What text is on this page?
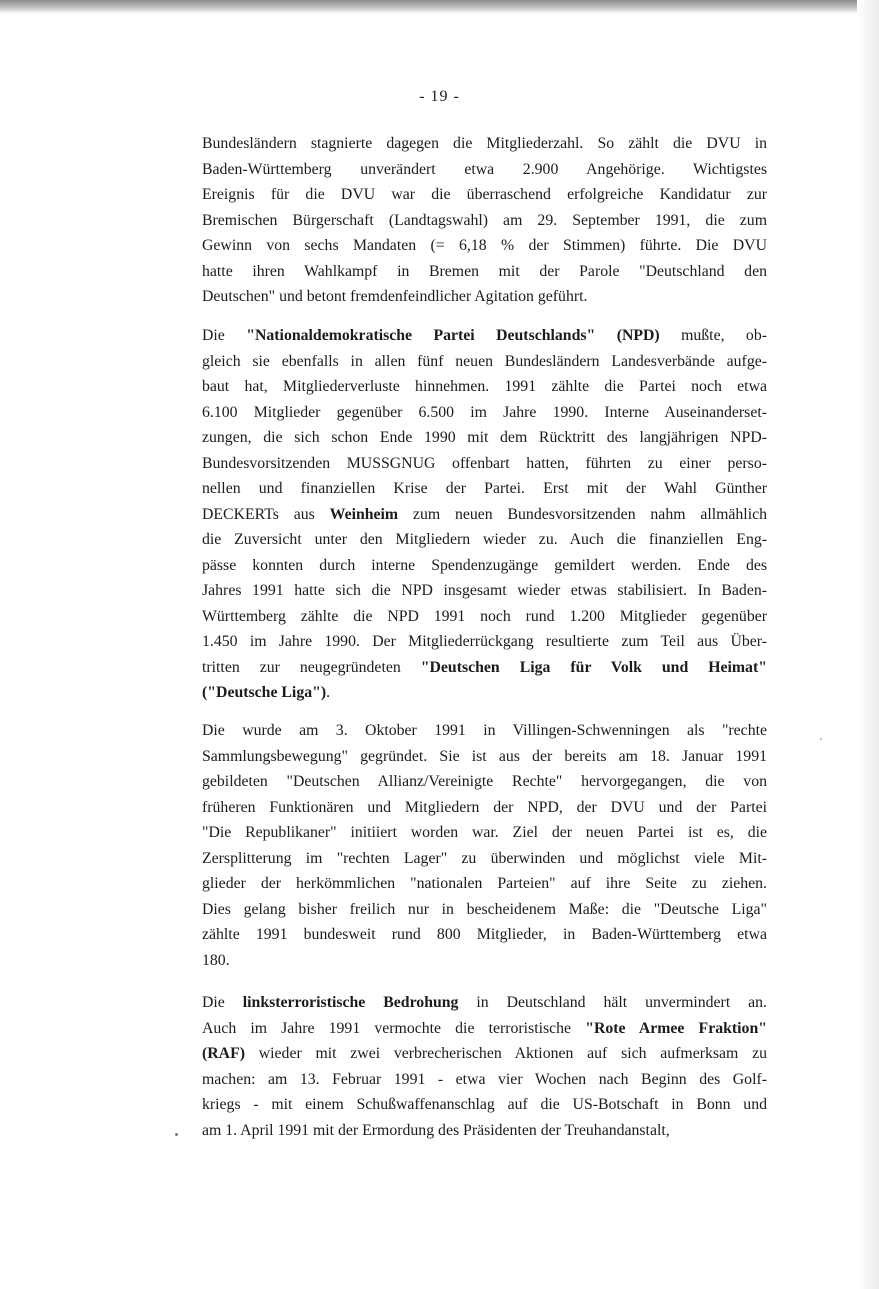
- 19 -

Bundesländern stagnierte dagegen die Mitgliederzahl. So zählt die DVU in
Baden-Württemberg unverändert etwa 2.900 Angehörige. Wichtigstes
Ereignis für die DVU war die überraschend erfolgreiche Kandidatur zur
Bremischen Bürgerschaft (Landtagswahl) am 29. September 1991, die zum
Gewinn von sechs Mandaten (= 6,18 % der Stimmen) führte. Die DVU
hatte ihren Wahlkampf in Bremen mit der Parole "Deutschland den
Deutschen" und betont fremdenfeindlicher Agitation geführt.

Die "Nationaldemokratische Partei Deutschlands" (NPD) mußte, ob-
gleich sie ebenfalls in allen fünf neuen Bundesländern Landesverbände aufge-
baut hat, Mitgliederverluste hinnehmen. 1991 zählte die Partei noch etwa
6.100 Mitglieder gegenüber 6.500 im Jahre 1990. Interne Auseinanderset-
zungen, die sich schon Ende 1990 mit dem Rücktritt des langjährigen NPD-
Bundesvorsitzenden MUSSGNUG offenbart hatten, führten zu einer perso-
nellen und finanziellen Krise der Partei. Erst mit der Wahl Günther
DECKERTs aus Weinheim zum neuen Bundesvorsitzenden nahm allmählich
die Zuversicht unter den Mitgliedern wieder zu. Auch die finanziellen Eng-
pässe konnten durch interne Spendenzugänge gemildert werden. Ende des
Jahres 1991 hatte sich die NPD insgesamt wieder etwas stabilisiert. In Baden-
Württemberg zählte die NPD 1991 noch rund 1.200 Mitglieder gegenüber
1.450 im Jahre 1990. Der Mitgliederrückgang resultierte zum Teil aus Über-
tritten zur neugegründeten "Deutschen Liga für Volk und Heimat"
("Deutsche Liga").

Die wurde am 3. Oktober 1991 in Villingen-Schwenningen als "rechte
Sammlungsbewegung" gegründet. Sie ist aus der bereits am 18. Januar 1991
gebildeten "Deutschen Allianz/Vereinigte Rechte" hervorgegangen, die von
früheren Funktionären und Mitgliedern der NPD, der DVU und der Partei
"Die Republikaner" initiiert worden war. Ziel der neuen Partei ist es, die
Zersplitterung im "rechten Lager" zu überwinden und möglichst viele Mit-
glieder der herkömmlichen "nationalen Parteien" auf ihre Seite zu ziehen.
Dies gelang bisher freilich nur in bescheidenem Maße: die "Deutsche Liga"
zählte 1991 bundesweit rund 800 Mitglieder, in Baden-Württemberg etwa
180.

Die linksterroristische Bedrohung in Deutschland hält unvermindert an.
Auch im Jahre 1991 vermochte die terroristische "Rote Armee Fraktion"
(RAF) wieder mit zwei verbrecherischen Aktionen auf sich aufmerksam zu
machen: am 13. Februar 1991 - etwa vier Wochen nach Beginn des Golf-
kriegs - mit einem Schußwaffenanschlag auf die US-Botschaft in Bonn und
am 1. April 1991 mit der Ermordung des Präsidenten der Treuhandanstalt,
